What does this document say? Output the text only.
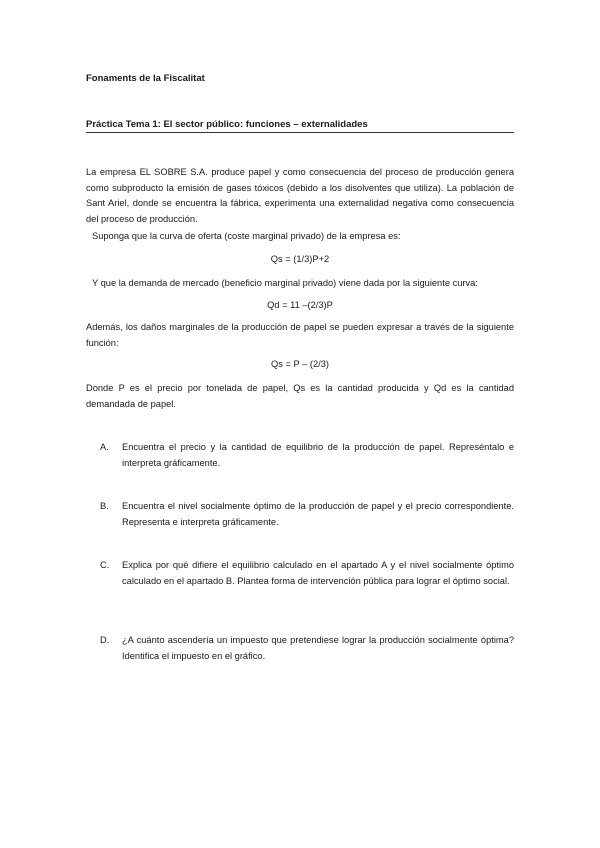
Fonaments de la Fiscalitat
Práctica Tema 1: El sector público: funciones – externalidades
La empresa EL SOBRE S.A. produce papel y como consecuencia del proceso de producción genera como subproducto la emisión de gases tóxicos (debido a los disolventes que utiliza). La población de Sant Ariel, donde se encuentra la fábrica, experimenta una externalidad negativa como consecuencia del proceso de producción.
Suponga que la curva de oferta (coste marginal privado) de la empresa es:
Qs = (1/3)P+2
Y que la demanda de mercado (beneficio marginal privado) viene dada por la siguiente curva:
Qd = 11 –(2/3)P
Además, los daños marginales de la producción de papel se pueden expresar a través de la siguiente función:
Qs = P – (2/3)
Donde P es el precio por tonelada de papel, Qs es la cantidad producida y Qd es la cantidad demandada de papel.
A. Encuentra el precio y la cantidad de equilibrio de la producción de papel. Represéntalo e interpreta gráficamente.
B. Encuentra el nivel socialmente óptimo de la producción de papel y el precio correspondiente. Representa e interpreta gráficamente.
C. Explica por qué difiere el equilibrio calculado en el apartado A y el nivel socialmente óptimo calculado en el apartado B. Plantea forma de intervención pública para lograr el óptimo social.
D. ¿A cuánto ascendería un impuesto que pretendiese lograr la producción socialmente óptima? Identifica el impuesto en el gráfico.
